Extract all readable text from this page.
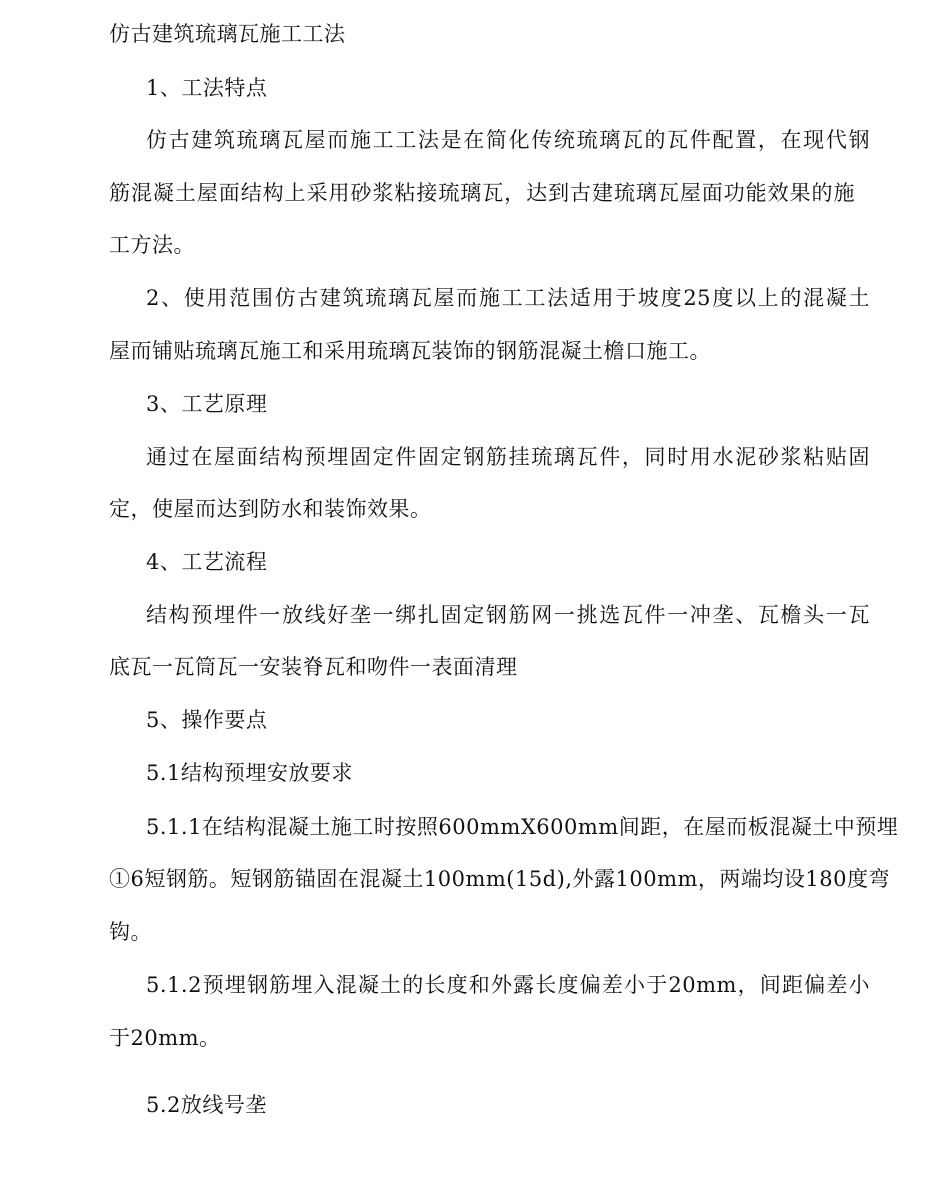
仿古建筑琉璃瓦施工工法
1、工法特点
仿古建筑琉璃瓦屋而施工工法是在简化传统琉璃瓦的瓦件配置，在现代钢
筋混凝土屋面结构上采用砂浆粘接琉璃瓦，达到古建琉璃瓦屋面功能效果的施
工方法。
2、使用范围仿古建筑琉璃瓦屋而施工工法适用于坡度25度以上的混凝土
屋而铺贴琉璃瓦施工和采用琉璃瓦装饰的钢筋混凝土檐口施工。
3、工艺原理
通过在屋面结构预埋固定件固定钢筋挂琉璃瓦件，同时用水泥砂浆粘贴固
定，使屋而达到防水和装饰效果。
4、工艺流程
结构预埋件一放线好垄一绑扎固定钢筋网一挑选瓦件一冲垄、瓦檐头一瓦
底瓦一瓦筒瓦一安装脊瓦和吻件一表面清理
5、操作要点
5.1结构预埋安放要求
5.1.1在结构混凝土施工时按照600mmX600mm间距，在屋而板混凝土中预埋
①6短钢筋。短钢筋锚固在混凝土100mm(15d),外露100mm，两端均设180度弯
钩。
5.1.2预埋钢筋埋入混凝土的长度和外露长度偏差小于20mm，间距偏差小
于20mm。
5.2放线号垄
